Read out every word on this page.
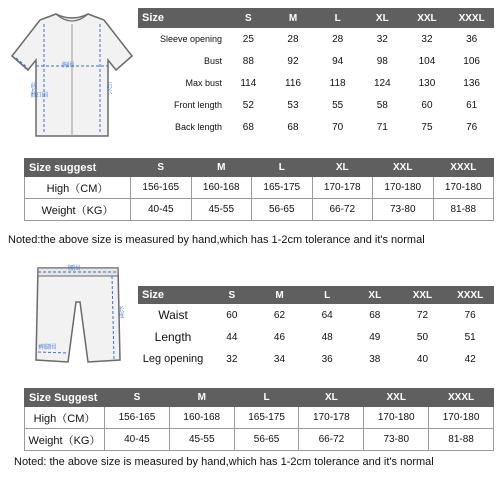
胸围
前长	后长
袖口围
Size	S	M	L	XL	XXL	XXXL
Sleeve opening	25	28	28	32	32	36
Bust	88	92	94	98	104	106
Max bust	114	116	118	124	130	136
Front length	52	53	55	58	60	61
Back length	68	68	70	71	75	76
Size suggest	S	M	L	XL	XXL	XXXL
High（CM）	156-165	160-168	165-175	170-178	170-180	170-180
Weight（KG）	40-45	45-55	56-65	66-72	73-80	81-88
Noted:the above size is measured by hand,which has 1-2cm tolerance and it's normal
腰围
长度
裤脚围
Size	S	M	L	XL	XXL	XXXL
Waist	60	62	64	68	72	76
Length	44	46	48	49	50	51
Leg opening	32	34	36	38	40	42
Size Suggest	S	M	L	XL	XXL	XXXL
High（CM）	156-165	160-168	165-175	170-178	170-180	170-180
Weight（KG）	40-45	45-55	56-65	66-72	73-80	81-88
Noted: the above size is measured by hand,which has 1-2cm tolerance and it's normal
